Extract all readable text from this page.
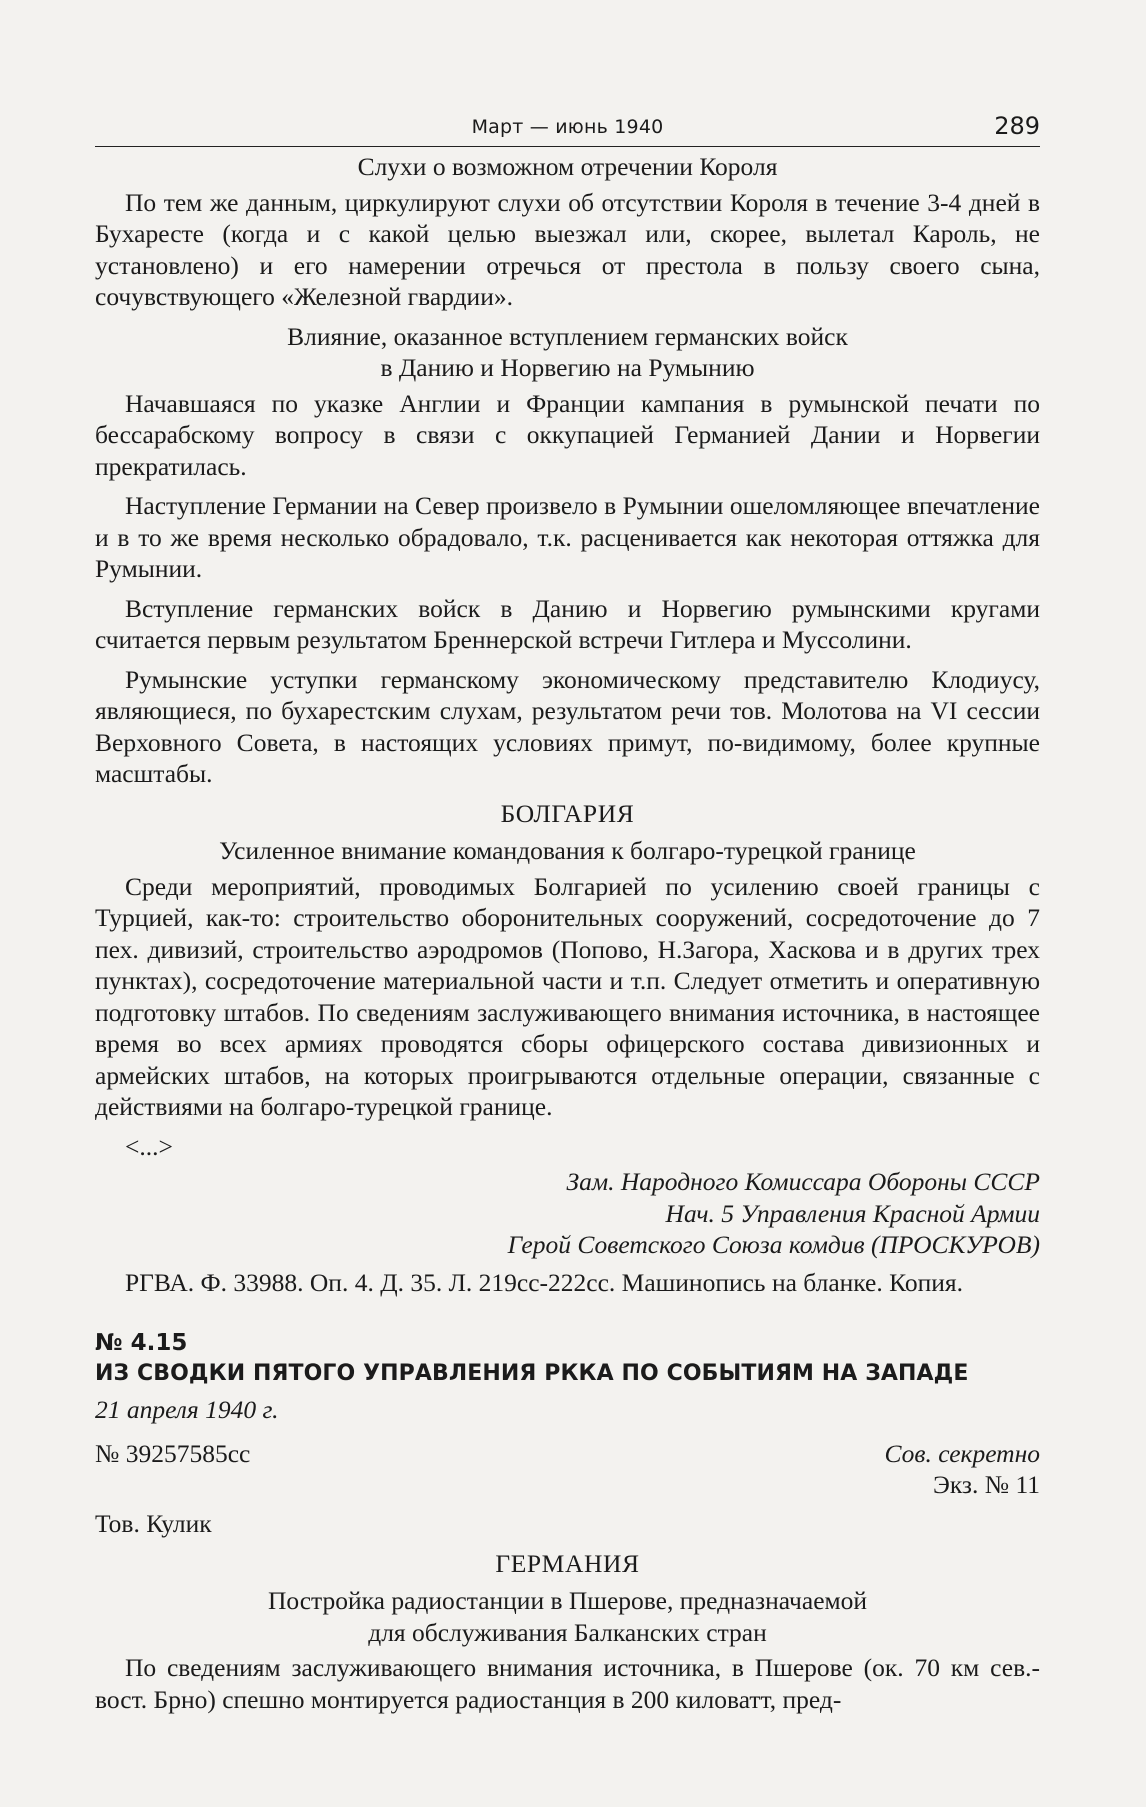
Март — июнь 1940	289
Слухи о возможном отречении Короля

По тем же данным, циркулируют слухи об отсутствии Короля в течение 3-4 дней в Бухаресте (когда и с какой целью выезжал или, скорее, вылетал Кароль, не установлено) и его намерении отречься от престола в пользу своего сына, сочувствующего «Железной гвардии».

Влияние, оказанное вступлением германских войск
в Данию и Норвегию на Румынию

Начавшаяся по указке Англии и Франции кампания в румынской печати по бессарабскому вопросу в связи с оккупацией Германией Дании и Норвегии прекратилась.

Наступление Германии на Север произвело в Румынии ошеломляющее впечатление и в то же время несколько обрадовало, т.к. расценивается как некоторая оттяжка для Румынии.

Вступление германских войск в Данию и Норвегию румынскими кругами считается первым результатом Бреннерской встречи Гитлера и Муссолини.

Румынские уступки германскому экономическому представителю Клодиусу, являющиеся, по бухарестским слухам, результатом речи тов. Молотова на VI сессии Верховного Совета, в настоящих условиях примут, по-видимому, более крупные масштабы.

БОЛГАРИЯ
Усиленное внимание командования к болгаро-турецкой границе

Среди мероприятий, проводимых Болгарией по усилению своей границы с Турцией, как-то: строительство оборонительных сооружений, сосредоточение до 7 пех. дивизий, строительство аэродромов (Попово, Н.Загора, Хаскова и в других трех пунктах), сосредоточение материальной части и т.п. Следует отметить и оперативную подготовку штабов. По сведениям заслуживающего внимания источника, в настоящее время во всех армиях проводятся сборы офицерского состава дивизионных и армейских штабов, на которых проигрываются отдельные операции, связанные с действиями на болгаро-турецкой границе.

<...>
Зам. Народного Комиссара Обороны СССР
Нач. 5 Управления Красной Армии
Герой Советского Союза комдив (ПРОСКУРОВ)
РГВА. Ф. 33988. Оп. 4. Д. 35. Л. 219сс-222сс. Машинопись на бланке. Копия.
№ 4.15
ИЗ СВОДКИ ПЯТОГО УПРАВЛЕНИЯ РККА ПО СОБЫТИЯМ НА ЗАПАДЕ
21 апреля 1940 г.
№ 39257585сс	Сов. секретно
Экз. № 11
Тов. Кулик
ГЕРМАНИЯ
Постройка радиостанции в Пшерове, предназначаемой
для обслуживания Балканских стран

По сведениям заслуживающего внимания источника, в Пшерове (ок. 70 км сев.-вост. Брно) спешно монтируется радиостанция в 200 киловатт, пред-
